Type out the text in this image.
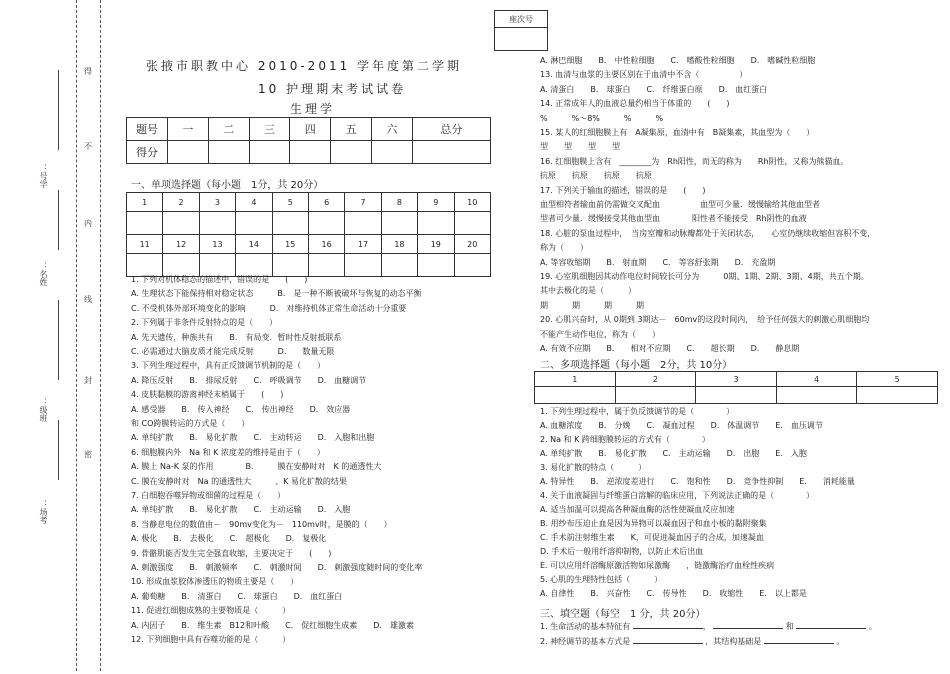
得
不
内
线
封
密
：号学
：名姓
：级班
：场考
座次号

张掖市职教中心 2010-2011 学年度第二学期
10 护理期末考试试卷
生理学
题号	一	二	三	四	五	六	总分
得分							
一、单项选择题（每小题　1分，共 20分）
1	2	3	4	5	6	7	8	9	10

11	12	13	14	15	16	17	18	19	20

1. 下列对机体稳态的描述中，错误的是　　(　　)
A. 生理状态下能保持相对稳定状态　　　B.　是一种不断被破坏与恢复的动态平衡
C. 不受机体外部环境变化的影响　　　D.　对维持机体正常生命活动十分重要
2. 下列属于非条件反射特点的是（　　）
A. 先天遗传，种族共有　　B.　有局变．暂时性反射抵联系
C. 必需通过大脑皮质才能完成反射　　　D.　　数量无限
3. 下列生理过程中，具有正反馈调节机制的是（　　）
A. 降压反射　　B.　排尿反射　　C.　呼吸调节　　D.　血糖调节
4. 皮肤黏膜的游离神经末梢属于　　(　　)
A. 感受器　　B.　传入神经　　C.　传出神经　　D.　效应器
和 CO跨膜转运的方式是（　　）
A. 单纯扩散　　B.　易化扩散　　C.　主动转运　　D.　入胞和出胞
6. 细胞膜内外　Na 和 K 浓度差的维持是由于（　　）
A. 膜上 Na-K 泵的作用　　　　B.　　　膜在安静时对　K 的通透性大
C. 膜在安静时对　Na 的通透性大　　　、K 易化扩散的结果
7. 白细胞吞噬异物或细菌的过程是（　　）
A. 单纯扩散　　B.　易化扩散　　C.　主动运输　　D.　入胞
8. 当静息电位的数值由－　90mv变化为－　110mv时，是膜的（　　）
A. 极化　　B.　去极化　　C.　超极化　　D.　复极化
9. 骨骼肌能否发生完全强直收缩，主要决定于　　(　　)
A. 刺激强度　　B.　刺激频率　　C.　刺激时间　　D.　刺激强度随时间的变化率
10. 形成血浆胶体渗透压的物质主要是（　　）
A. 葡萄糖　　B.　清蛋白　　C.　球蛋白　　D.　血红蛋白
11. 促进红细胞成熟的主要物质是（　　　）
A. 内因子　　B.　维生素　B12和叶酸　　C.　促红细胞生成素　　D.　雄激素
12. 下列细胞中具有吞噬功能的是（　　　）
A. 淋巴细胞　　B.　中性粒细胞　　C.　嗜酸性粒细胞　　D.　嗜碱性粒细胞
13. 血清与血浆的主要区别在于血清中不含（　　　　　）
A. 清蛋白　　B.　球蛋白　　C.　纤维蛋白原　　D.　血红蛋白
14. 正常成年人的血液总量约相当于体重的　　(　　)
%　　　%～8%　　　%　　　%
15. 某人的红细胞膜上有　A凝集原，血清中有　B凝集素，其血型为（　　）
型　　型　　型　　型
16. 红细胞膜上含有　________为　Rh阳性，而无的称为　　Rh阴性，又称为熊猫血。
抗原　　抗原　　抗原　　抗原
17. 下列关于输血的描述，错误的是　　(　　)
血型相符者输血前仍需做交叉配血　　　　　血型可少量．缓慢输给其他血型者
型者可少量．缓慢接受其他血型血　　　　阳性者不能接受　Rh阴性的血液
18. 心脏的泵血过程中，　当房室瓣和动脉瓣都处于关闭状态，　　心室仍继续收缩但容积不变，
称为（　　）
A. 等容收缩期　　B.　射血期　　C.　等容舒张期　　D.　充盈期
19. 心室肌细胞因其动作电位时间较长可分为　　　0期、1期、2期、3期、4期，共五个期。
其中去极化的是（　　　）
期　　　期　　　期　　　期
20. 心肌兴奋时，从 0期到 3期达－　60mv的这段时间内，　给予任何强大的刺激心肌细胞均
不能产生动作电位，称为（　　）
A. 有效不应期　　B.　　相对不应期　　C.　　超长期　　D.　　静息期
二、多项选择题（每小题　2分，共 10分）
1	2	3	4	5

1. 下列生理过程中，属于负反馈调节的是（　　　　）
A. 血糖浓度　　B.　分娩　　C.　凝血过程　　D.　体温调节　　E.　血压调节
2. Na 和 K 跨细胞膜转运的方式有（　　　　）
A. 单纯扩散　　B.　易化扩散　　C.　主动运输　　D.　出胞　　E.　入胞
3. 易化扩散的特点（　　　）
A. 特异性　　B.　逆浓度差进行　　C.　饱和性　　D.　竞争性抑制　　E.　　消耗能量
4. 关于血液凝固与纤维蛋白溶解的临床应用，下列说法正确的是（　　　　）
A. 适当加温可以提高各种凝血酶的活性使凝血反应加速
B. 用纱布压迫止血是因为异物可以凝血因子和血小板的黏附聚集
C. 手术前注射维生素　　K，可促进凝血因子的合成，加速凝血
D. 手术后一般用纤溶抑制物，以防止术后出血
E. 可以应用纤溶酶原激活物如尿激酶　　，链激酶治疗血栓性疾病
5. 心肌的生理特性包括（　　　）
A. 自律性　　B.　兴奋性　　C.　传导性　　D.　收缩性　　E.　以上都是
三、填空题（每空　1 分，共 20分）
1. 生命活动的基本特征有	，	和	。
2. 神经调节的基本方式是	，其结构基础是	。
